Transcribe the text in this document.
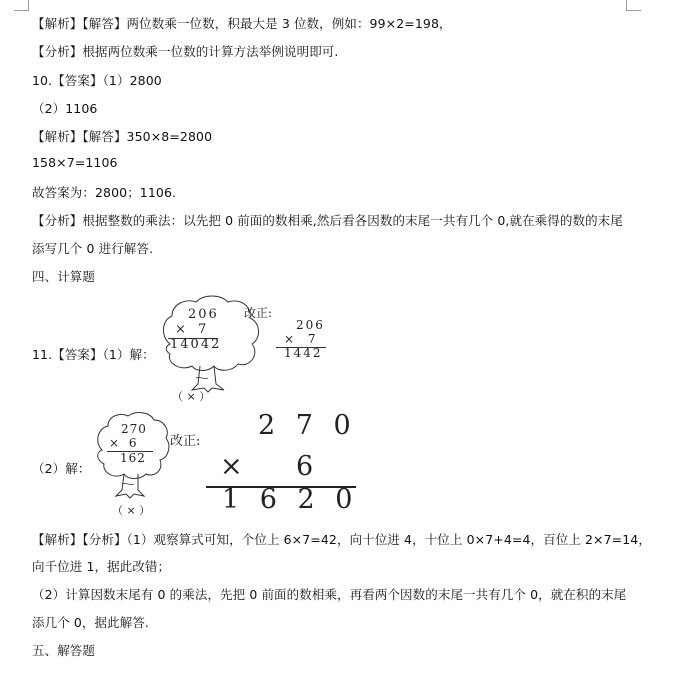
【解析】【解答】两位数乘一位数，积最大是 3 位数，例如：99×2=198，
【分析】根据两位数乘一位数的计算方法举例说明即可.
10.【答案】（1）2800
（2）1106
【解析】【解答】350×8=2800
158×7=1106
故答案为：2800；1106.
【分析】根据整数的乘法：以先把 0 前面的数相乘,然后看各因数的末尾一共有几个 0,就在乘得的数的末尾
添写几个 0 进行解答.
四、计算题
11.【答案】（1）解：
（2）解：
【解析】【分析】（1）观察算式可知，个位上 6×7=42，向十位进 4，十位上 0×7+4=4，百位上 2×7=14，
向千位进 1，据此改错；
（2）计算因数末尾有 0 的乘法，先把 0 前面的数相乘，再看两个因数的末尾一共有几个 0，就在积的末尾
添几个 0，据此解答.
五、解答题
206
× 7
14042
（ × ）
改正:
206
× 7
1442
270
× 6
162
（ × ）
改正:
2 7 0
× 6
1 6 2 0
